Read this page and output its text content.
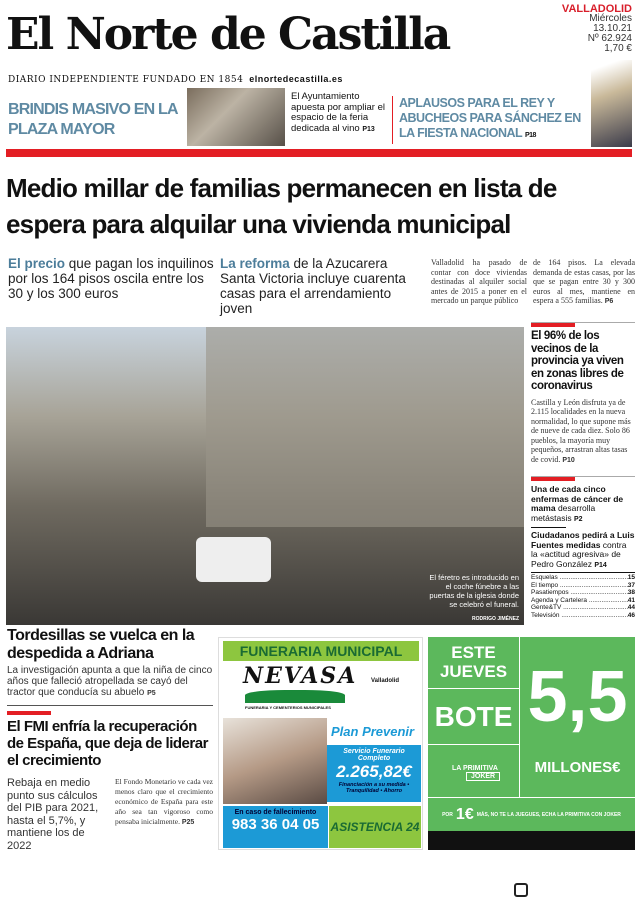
El Norte de Castilla	VALLADOLID
Miércoles
13.10.21
Nº 62.924
1,70 €
DIARIO INDEPENDIENTE FUNDADO EN 1854 elnortedecastilla.es
BRINDIS MASIVO EN LA PLAZA MAYOR
El Ayuntamiento apuesta por ampliar el espacio de la feria dedicada al vino P13
APLAUSOS PARA EL REY Y ABUCHEOS PARA SÁNCHEZ EN LA FIESTA NACIONAL P18
Medio millar de familias permanecen en lista de espera para alquilar una vivienda municipal
El precio que pagan los inquilinos por los 164 pisos oscila entre los 30 y los 300 euros
La reforma de la Azucarera Santa Victoria incluye cuarenta casas para el arrendamiento joven
Valladolid ha pasado de contar con doce viviendas destinadas al alquiler social antes de 2015 a poner en el mercado un parque público
de 164 pisos. La elevada demanda de estas casas, por las que se pagan entre 30 y 300 euros al mes, mantiene en espera a 555 familias. P6
El féretro es introducido en el coche fúnebre a las puertas de la iglesia donde se celebró el funeral.
RODRIGO JIMÉNEZ
El 96% de los vecinos de la provincia ya viven en zonas libres de coronavirus
Castilla y León disfruta ya de 2.115 localidades en la nueva normalidad, lo que supone más de nueve de cada diez. Solo 86 pueblos, la mayoría muy pequeños, arrastran altas tasas de covid. P10
Una de cada cinco enfermas de cáncer de mama desarrolla metástasis P2
Ciudadanos pedirá a Luis Fuentes medidas contra la «actitud agresiva» de Pedro González P14
Esquelas .....	15
El tiempo .....	37
Pasatiempos .....	38
Agenda y Cartelera .....	41
Gente&TV .....	44
Televisión .....	46
Tordesillas se vuelca en la despedida a Adriana
La investigación apunta a que la niña de cinco años que falleció atropellada se cayó del tractor que conducía su abuelo P5
El FMI enfría la recuperación de España, que deja de liderar el crecimiento
Rebaja en medio punto sus cálculos del PIB para 2021, hasta el 5,7%, y mantiene los de 2022
El Fondo Monetario ve cada vez menos claro que el crecimiento económico de España para este año sea tan vigoroso como pensaba inicialmente. P25
FUNERARIA MUNICIPAL
NEVASA
FUNERARIA Y CEMENTERIOS MUNICIPALES
Valladolid
Plan Prevenir
Servicio Funerario Completo
2.265,82€
Financiación a su medida • Tranquilidad • Ahorro
En caso de fallecimiento
983 36 04 05 ASISTENCIA 24
ESTE
JUEVES
BOTE
LA PRIMITIVA
JOKER
5,5
MILLONES€
POR 1€ MÁS, NO TE LA JUEGUES, ECHA LA PRIMITIVA CON JOKER
